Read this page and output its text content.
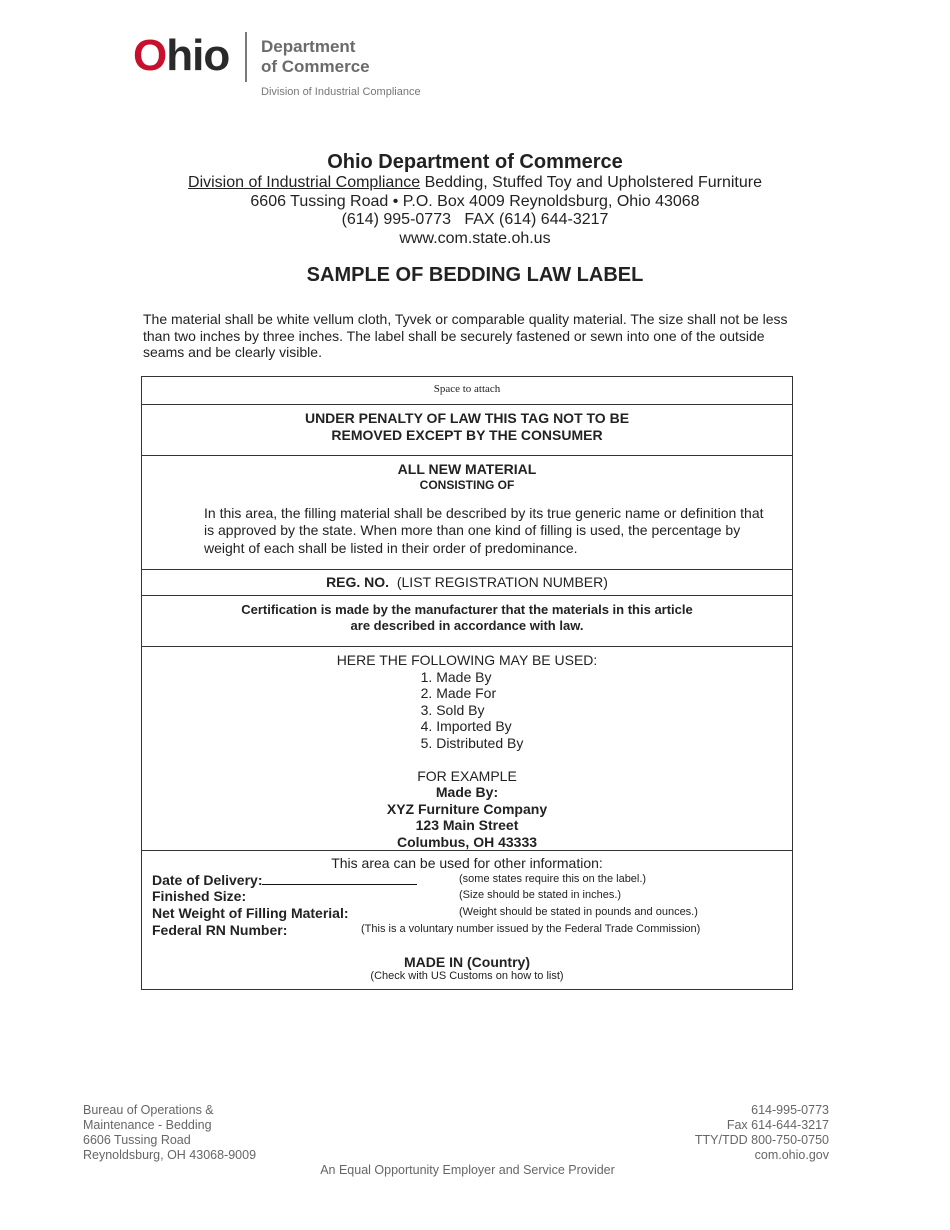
Ohio Department
of Commerce
Division of Industrial Compliance
Ohio Department of Commerce
Division of Industrial Compliance Bedding, Stuffed Toy and Upholstered Furniture
6606 Tussing Road • P.O. Box 4009 Reynoldsburg, Ohio 43068
(614) 995-0773   FAX (614) 644-3217
www.com.state.oh.us
SAMPLE OF BEDDING LAW LABEL
The material shall be white vellum cloth, Tyvek or comparable quality material. The size shall not be less than two inches by three inches. The label shall be securely fastened or sewn into one of the outside seams and be clearly visible.
Space to attach
UNDER PENALTY OF LAW THIS TAG NOT TO BE
REMOVED EXCEPT BY THE CONSUMER
ALL NEW MATERIAL
CONSISTING OF
In this area, the filling material shall be described by its true generic name or definition that is approved by the state. When more than one kind of filling is used, the percentage by weight of each shall be listed in their order of predominance.
REG. NO. (LIST REGISTRATION NUMBER)
Certification is made by the manufacturer that the materials in this article
are described in accordance with law.
HERE THE FOLLOWING MAY BE USED:
1. Made By
2. Made For
3. Sold By
4. Imported By
5. Distributed By
FOR EXAMPLE
Made By:
XYZ Furniture Company
123 Main Street
Columbus, OH 43333
This area can be used for other information:
Date of Delivery:	(some states require this on the label.)
Finished Size:	(Size should be stated in inches.)
Net Weight of Filling Material:	(Weight should be stated in pounds and ounces.)
Federal RN Number:	(This is a voluntary number issued by the Federal Trade Commission)
MADE IN (Country)
(Check with US Customs on how to list)
Bureau of Operations &
Maintenance - Bedding
6606 Tussing Road
Reynoldsburg, OH 43068-9009
614-995-0773
Fax 614-644-3217
TTY/TDD 800-750-0750
com.ohio.gov
An Equal Opportunity Employer and Service Provider
